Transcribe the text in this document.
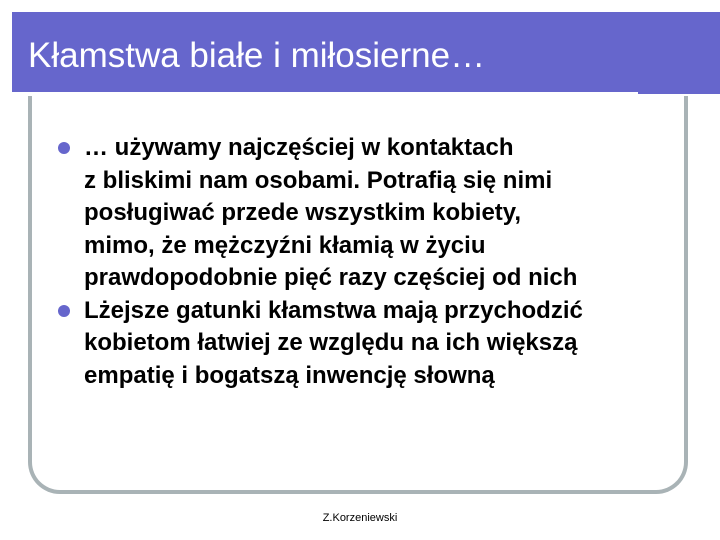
Kłamstwa białe i miłosierne…
… używamy najczęściej w kontaktach
z bliskimi nam osobami. Potrafią się nimi
posługiwać przede wszystkim kobiety,
mimo, że mężczyźni kłamią w życiu
prawdopodobnie pięć razy częściej od nich
Lżejsze gatunki kłamstwa mają przychodzić
kobietom łatwiej ze względu na ich większą
empatię i bogatszą inwencję słowną
Z.Korzeniewski
